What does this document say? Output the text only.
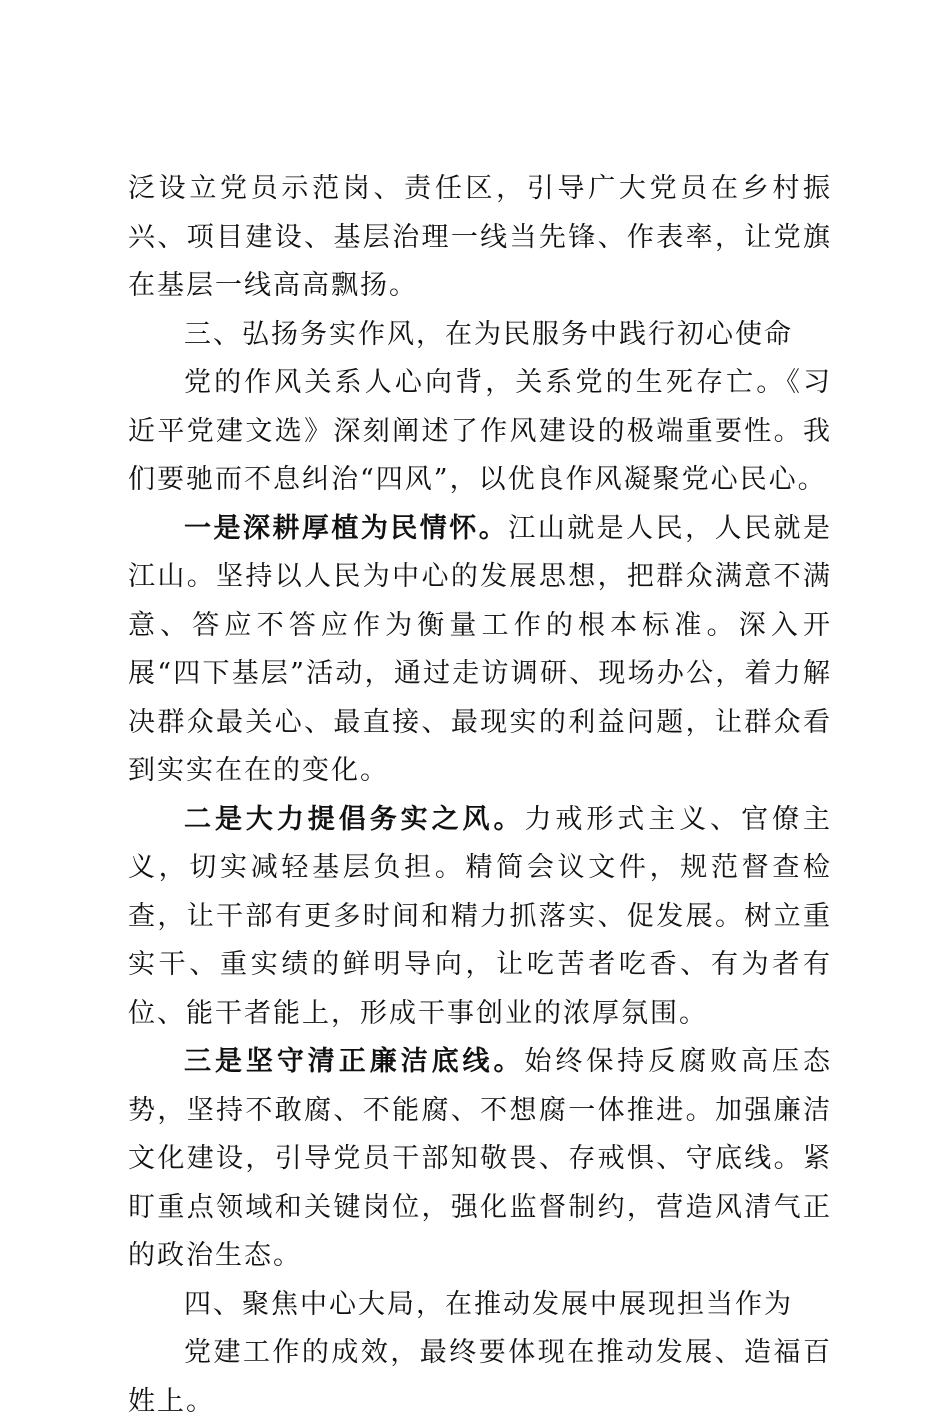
泛设立党员示范岗、责任区，引导广大党员在乡村振兴、项目建设、基层治理一线当先锋、作表率，让党旗在基层一线高高飘扬。

三、弘扬务实作风，在为民服务中践行初心使命

党的作风关系人心向背，关系党的生死存亡。《习近平党建文选》深刻阐述了作风建设的极端重要性。我们要驰而不息纠治“四风”，以优良作风凝聚党心民心。

一是深耕厚植为民情怀。江山就是人民，人民就是江山。坚持以人民为中心的发展思想，把群众满意不满意、答应不答应作为衡量工作的根本标准。深入开展“四下基层”活动，通过走访调研、现场办公，着力解决群众最关心、最直接、最现实的利益问题，让群众看到实实在在的变化。

二是大力提倡务实之风。力戒形式主义、官僚主义，切实减轻基层负担。精简会议文件，规范督查检查，让干部有更多时间和精力抓落实、促发展。树立重实干、重实绩的鲜明导向，让吃苦者吃香、有为者有位、能干者能上，形成干事创业的浓厚氛围。

三是坚守清正廉洁底线。始终保持反腐败高压态势，坚持不敢腐、不能腐、不想腐一体推进。加强廉洁文化建设，引导党员干部知敬畏、存戒惧、守底线。紧盯重点领域和关键岗位，强化监督制约，营造风清气正的政治生态。

四、聚焦中心大局，在推动发展中展现担当作为

党建工作的成效，最终要体现在推动发展、造福百姓上。
